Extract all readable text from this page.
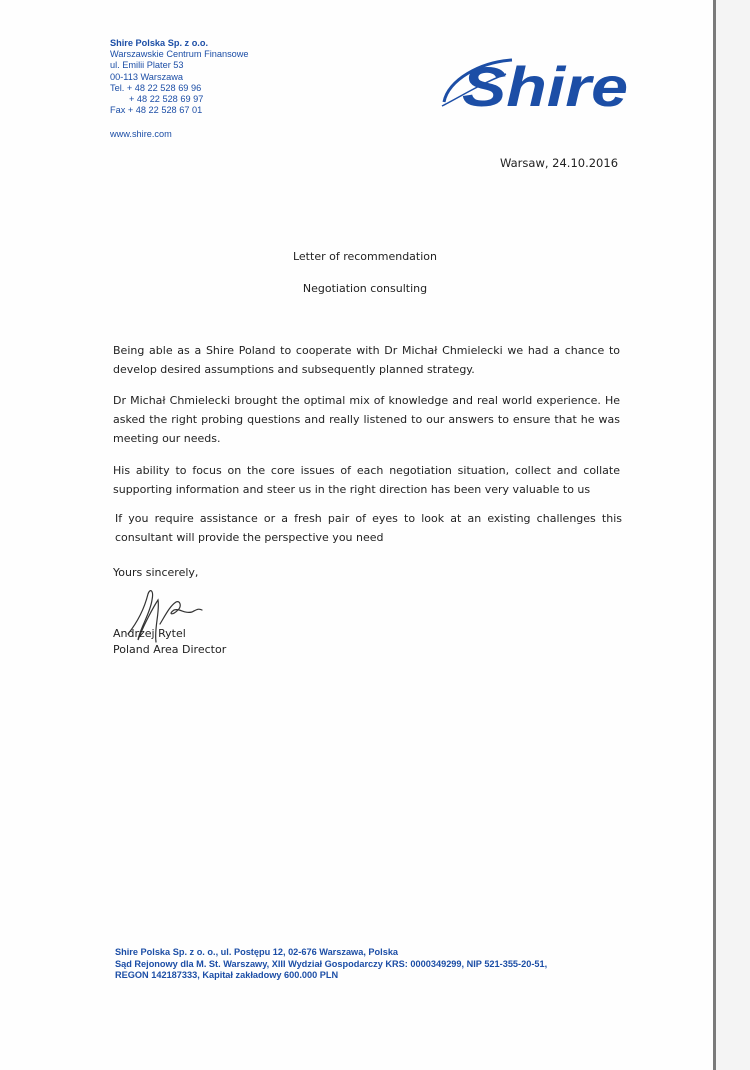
Shire Polska Sp. z o.o.
Warszawskie Centrum Finansowe
ul. Emilii Plater 53
00-113 Warszawa
Tel. + 48 22 528 69 96
+ 48 22 528 69 97
Fax + 48 22 528 67 01
www.shire.com
Shire
Warsaw, 24.10.2016
Letter of recommendation
Negotiation consulting
Being able as a Shire Poland to cooperate with Dr Michał Chmielecki we had a chance to develop desired assumptions and subsequently planned strategy.
Dr Michał Chmielecki brought the optimal mix of knowledge and real world experience. He asked the right probing questions and really listened to our answers to ensure that he was meeting our needs.
His ability to focus on the core issues of each negotiation situation, collect and collate supporting information and steer us in the right direction has been very valuable to us
If you require assistance or a fresh pair of eyes to look at an existing challenges this consultant will provide the perspective you need
Yours sincerely,
Andrzej Rytel
Poland Area Director
Shire Polska Sp. z o. o., ul. Postępu 12, 02-676 Warszawa, Polska
Sąd Rejonowy dla M. St. Warszawy, XIII Wydział Gospodarczy KRS: 0000349299, NIP 521-355-20-51,
REGON 142187333, Kapitał zakładowy 600.000 PLN
